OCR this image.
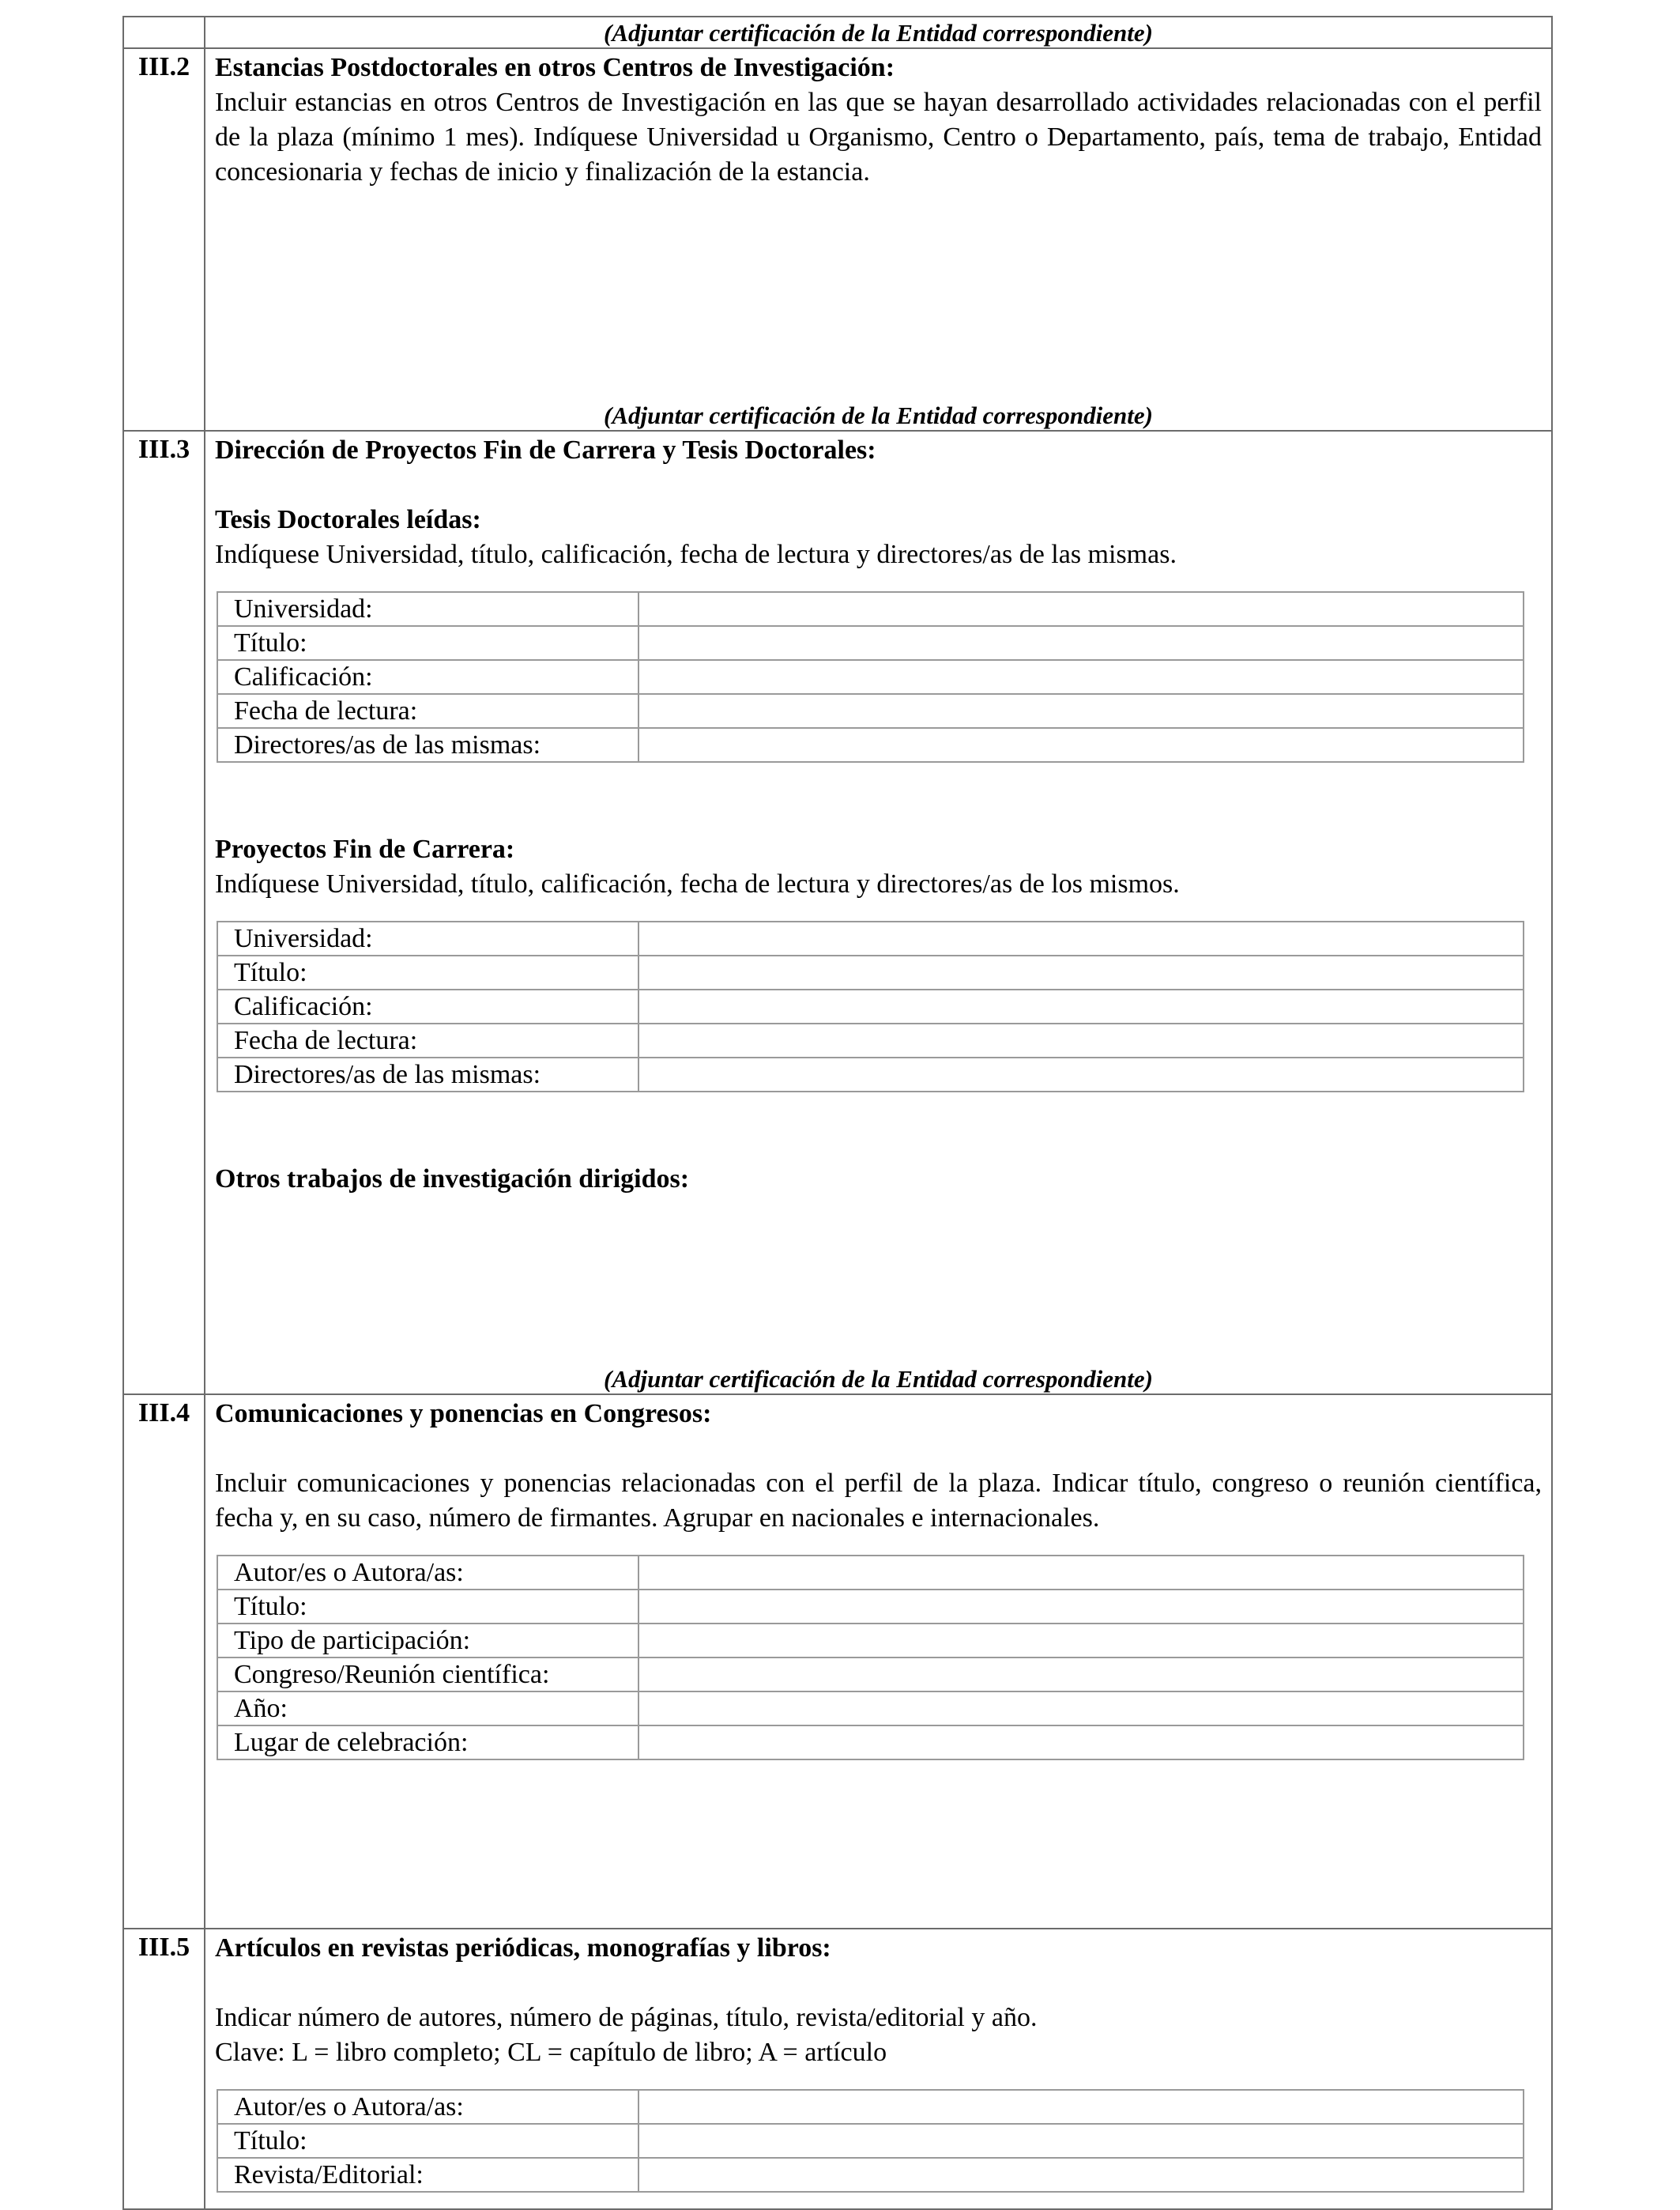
(Adjuntar certificación de la Entidad correspondiente)

III.2	Estancias Postdoctorales en otros Centros de Investigación:

Incluir estancias en otros Centros de Investigación en las que se hayan desarrollado actividades relacionadas con el perfil de la plaza (mínimo 1 mes). Indíquese Universidad u Organismo, Centro o Departamento, país, tema de trabajo, Entidad concesionaria y fechas de inicio y finalización de la estancia.

(Adjuntar certificación de la Entidad correspondiente)

III.3	Dirección de Proyectos Fin de Carrera y Tesis Doctorales:
Tesis Doctorales leídas:

Indíquese Universidad, título, calificación, fecha de lectura y directores/as de las mismas.

Universidad:	
Título:	
Calificación:	
Fecha de lectura:	
Directores/as de las mismas:	
Proyectos Fin de Carrera:

Indíquese Universidad, título, calificación, fecha de lectura y directores/as de los mismos.

Universidad:	
Título:	
Calificación:	
Fecha de lectura:	
Directores/as de las mismas:	
Otros trabajos de investigación dirigidos:
(Adjuntar certificación de la Entidad correspondiente)

III.4	Comunicaciones y ponencias en Congresos:

Incluir comunicaciones y ponencias relacionadas con el perfil de la plaza. Indicar título, congreso o reunión científica, fecha y, en su caso, número de firmantes. Agrupar en nacionales e internacionales.

Autor/es o Autora/as:	
Título:	
Tipo de participación:	
Congreso/Reunión científica:	
Año:	
Lugar de celebración:	

III.5	Artículos en revistas periódicas, monografías y libros:

Indicar número de autores, número de páginas, título, revista/editorial y año.

Clave: L = libro completo; CL = capítulo de libro; A = artículo

Autor/es o Autora/as:	
Título:	
Revista/Editorial:	
